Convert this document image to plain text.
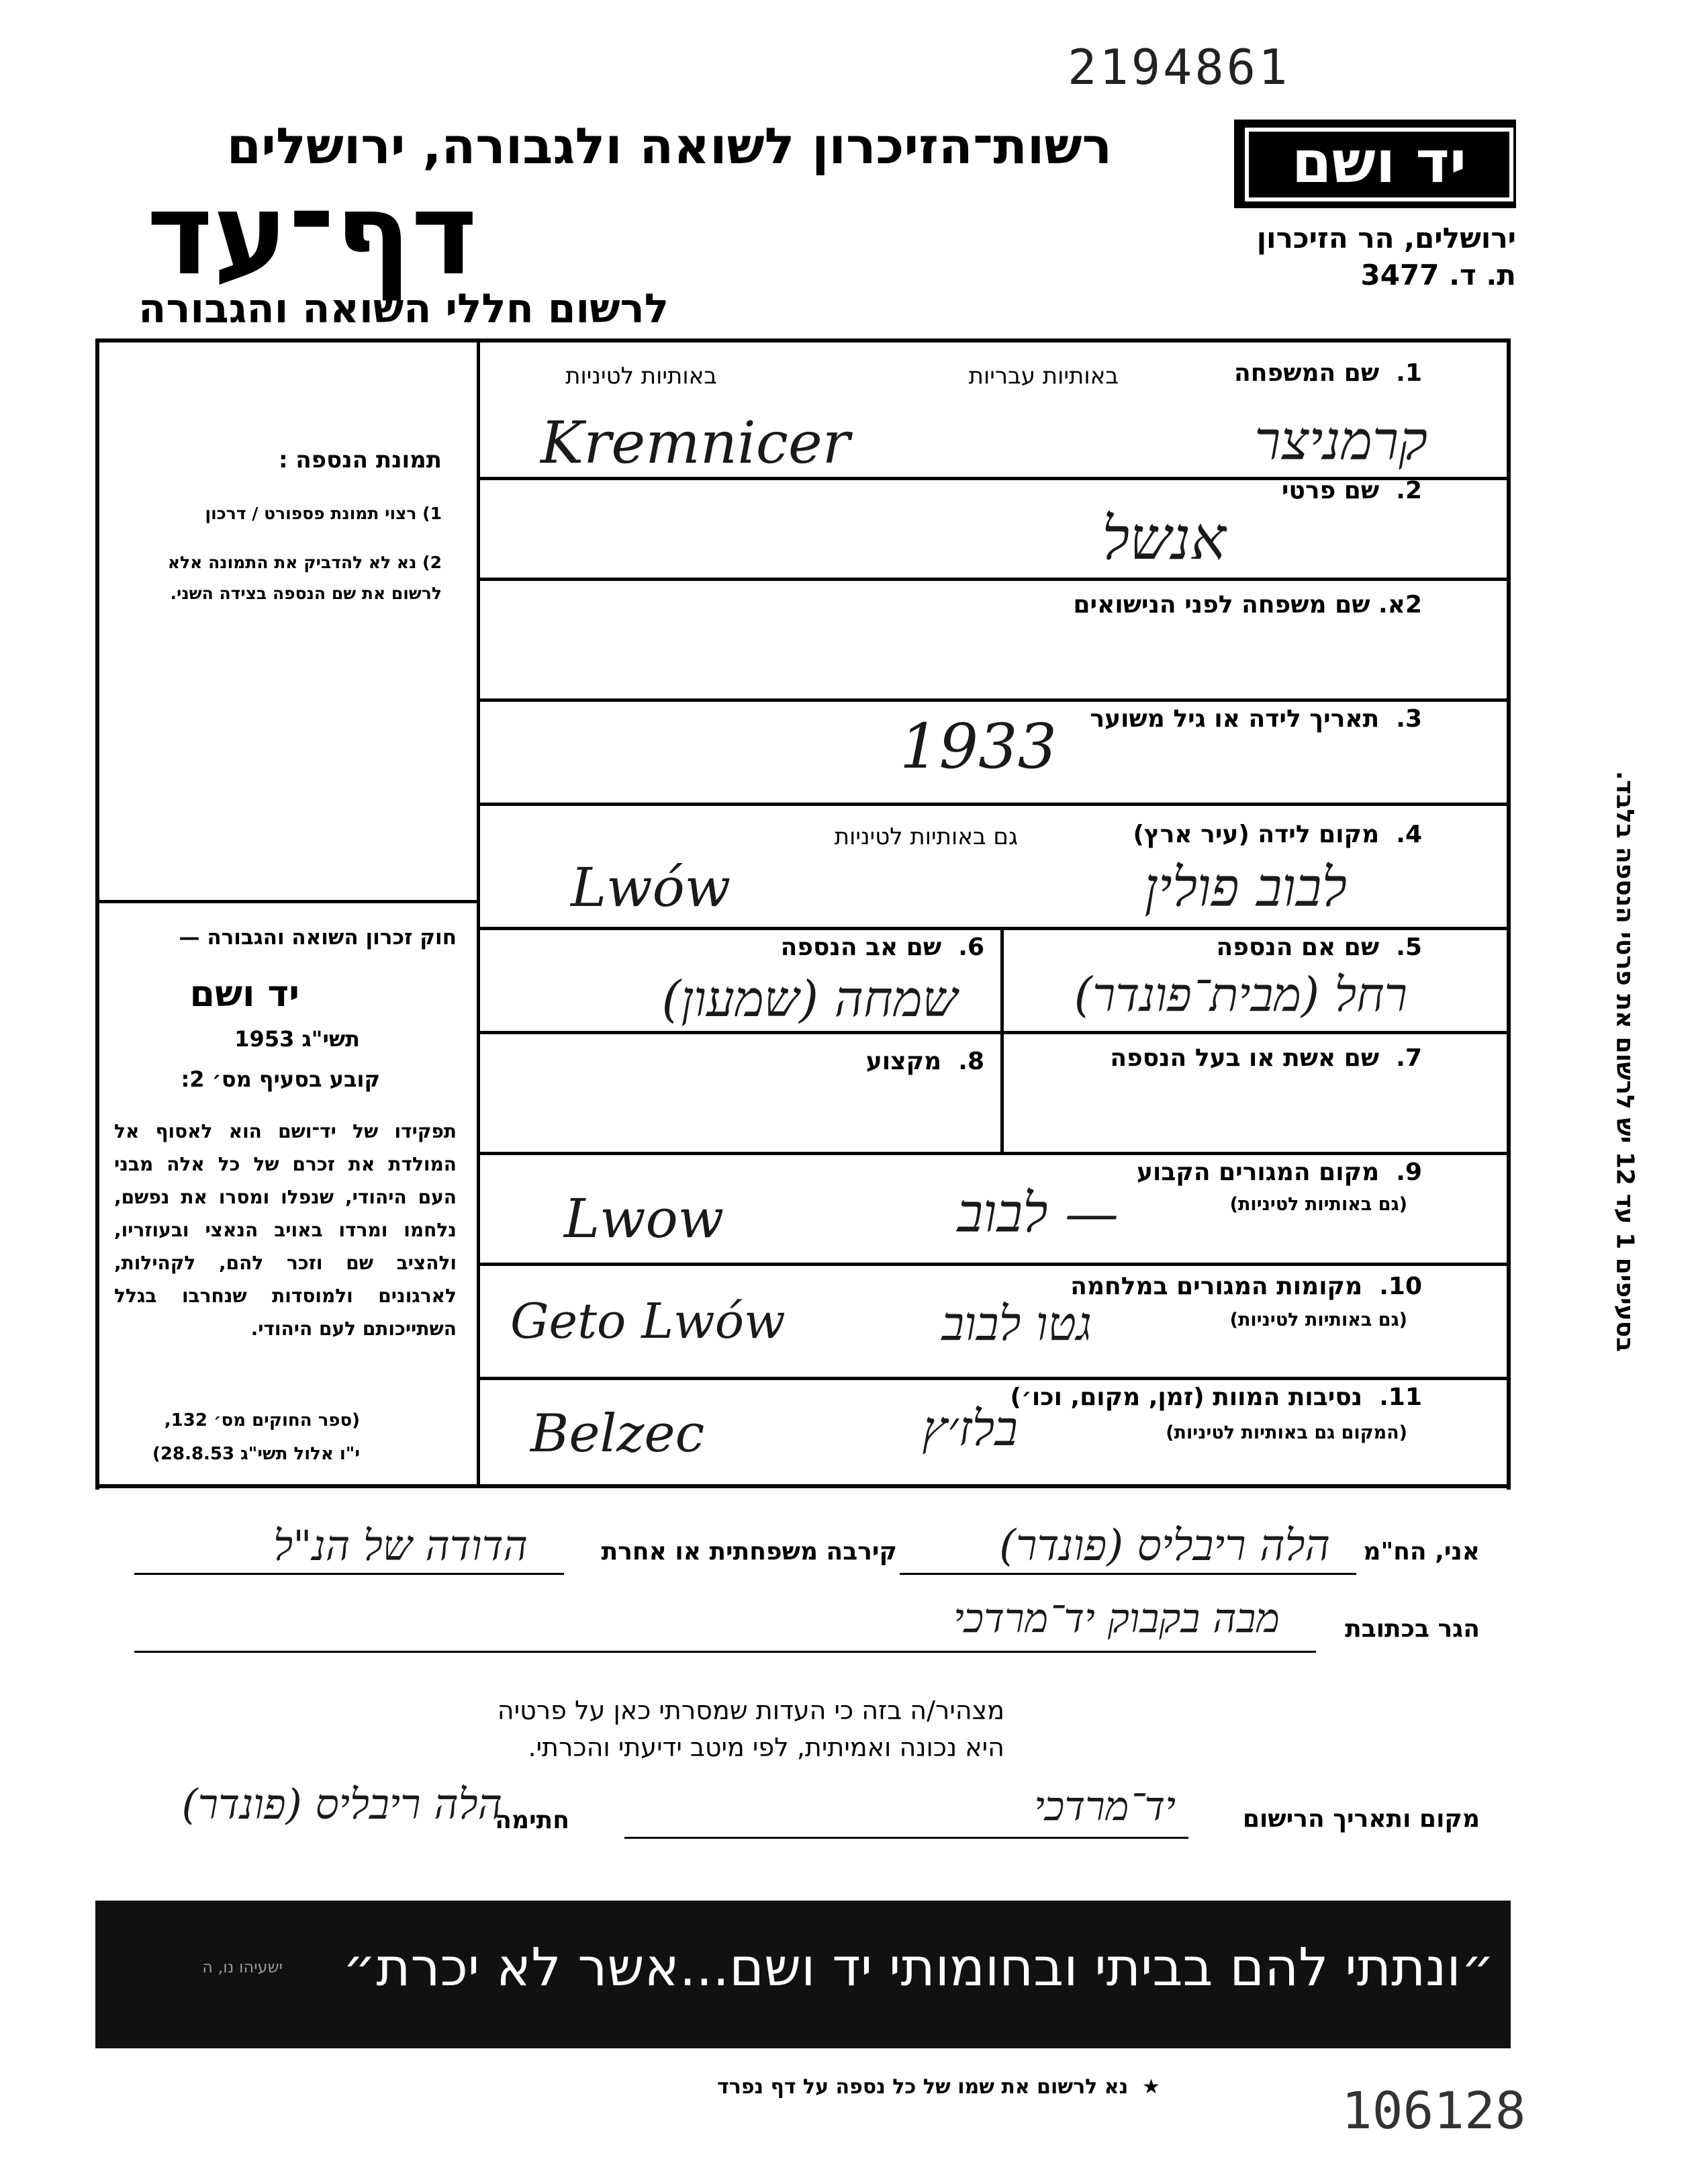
2194861
רשות־הזיכרון לשואה ולגבורה, ירושלים
דף־עד
לרשום חללי השואה והגבורה
יד ושם
ירושלים, הר הזיכרון
ת. ד. 3477
תמונת הנספה :
1) רצוי תמונת פספורט / דרכון
2) נא לא להדביק את התמונה אלא לרשום את שם הנספה בצידה השני.
חוק זכרון השואה והגבורה —
יד ושם
תשי"ג 1953
קובע בסעיף מס׳ 2:
תפקידו של יד־ושם הוא לאסוף אל המולדת את זכרם של כל אלה מבני העם היהודי, שנפלו ומסרו את נפשם, נלחמו ומרדו באויב הנאצי ובעוזריו, ולהציב שם וזכר להם, לקהילות, לארגונים ולמוסדות שנחרבו בגלל השתייכותם לעם היהודי.
(ספר החוקים מס׳ 132,
י"ו אלול תשי"ג 28.8.53)
בסעיפים 1 עד 12 יש לרשום את פרטי הנספה בלבד.
1.  שם המשפחה
באותיות עבריות
באותיות לטיניות
Kremnicer	קרמניצר
2.  שם פרטי
אנשל
2א. שם משפחה לפני הנישואים
3.  תאריך לידה או גיל משוער
1933
4.  מקום לידה (עיר ארץ)
גם באותיות לטיניות
Lwów	לבוב פולין
5.  שם אם הנספה
רחל (מבית־פונדר)
6.  שם אב הנספה
שמחה (שמעון)
7.  שם אשת או בעל הנספה
8.  מקצוע
9.  מקום המגורים הקבוע
(גם באותיות לטיניות)
Lwow	— לבוב
10.  מקומות המגורים במלחמה
(גם באותיות לטיניות)
Geto Lwów	גטו לבוב
11.  נסיבות המוות (זמן, מקום, וכו׳)
(המקום גם באותיות לטיניות)
Belzec	בלז׳ץ
אני, הח"מ
הלה ריבליס (פונדר)
קירבה משפחתית או אחרת
הדודה של הנ"ל
הגר בכתובת
מבה בקבוק יד־מרדכי
מצהיר/ה בזה כי העדות שמסרתי כאן על פרטיה
היא נכונה ואמיתית, לפי מיטב ידיעתי והכרתי.
מקום ותאריך הרישום
יד־מרדכי
חתימה
הלה ריבליס (פונדר)
״ונתתי להם בביתי ובחומותי יד ושם...אשר לא יכרת״
ישעיהו נו, ה
★  נא לרשום את שמו של כל נספה על דף נפרד	106128
